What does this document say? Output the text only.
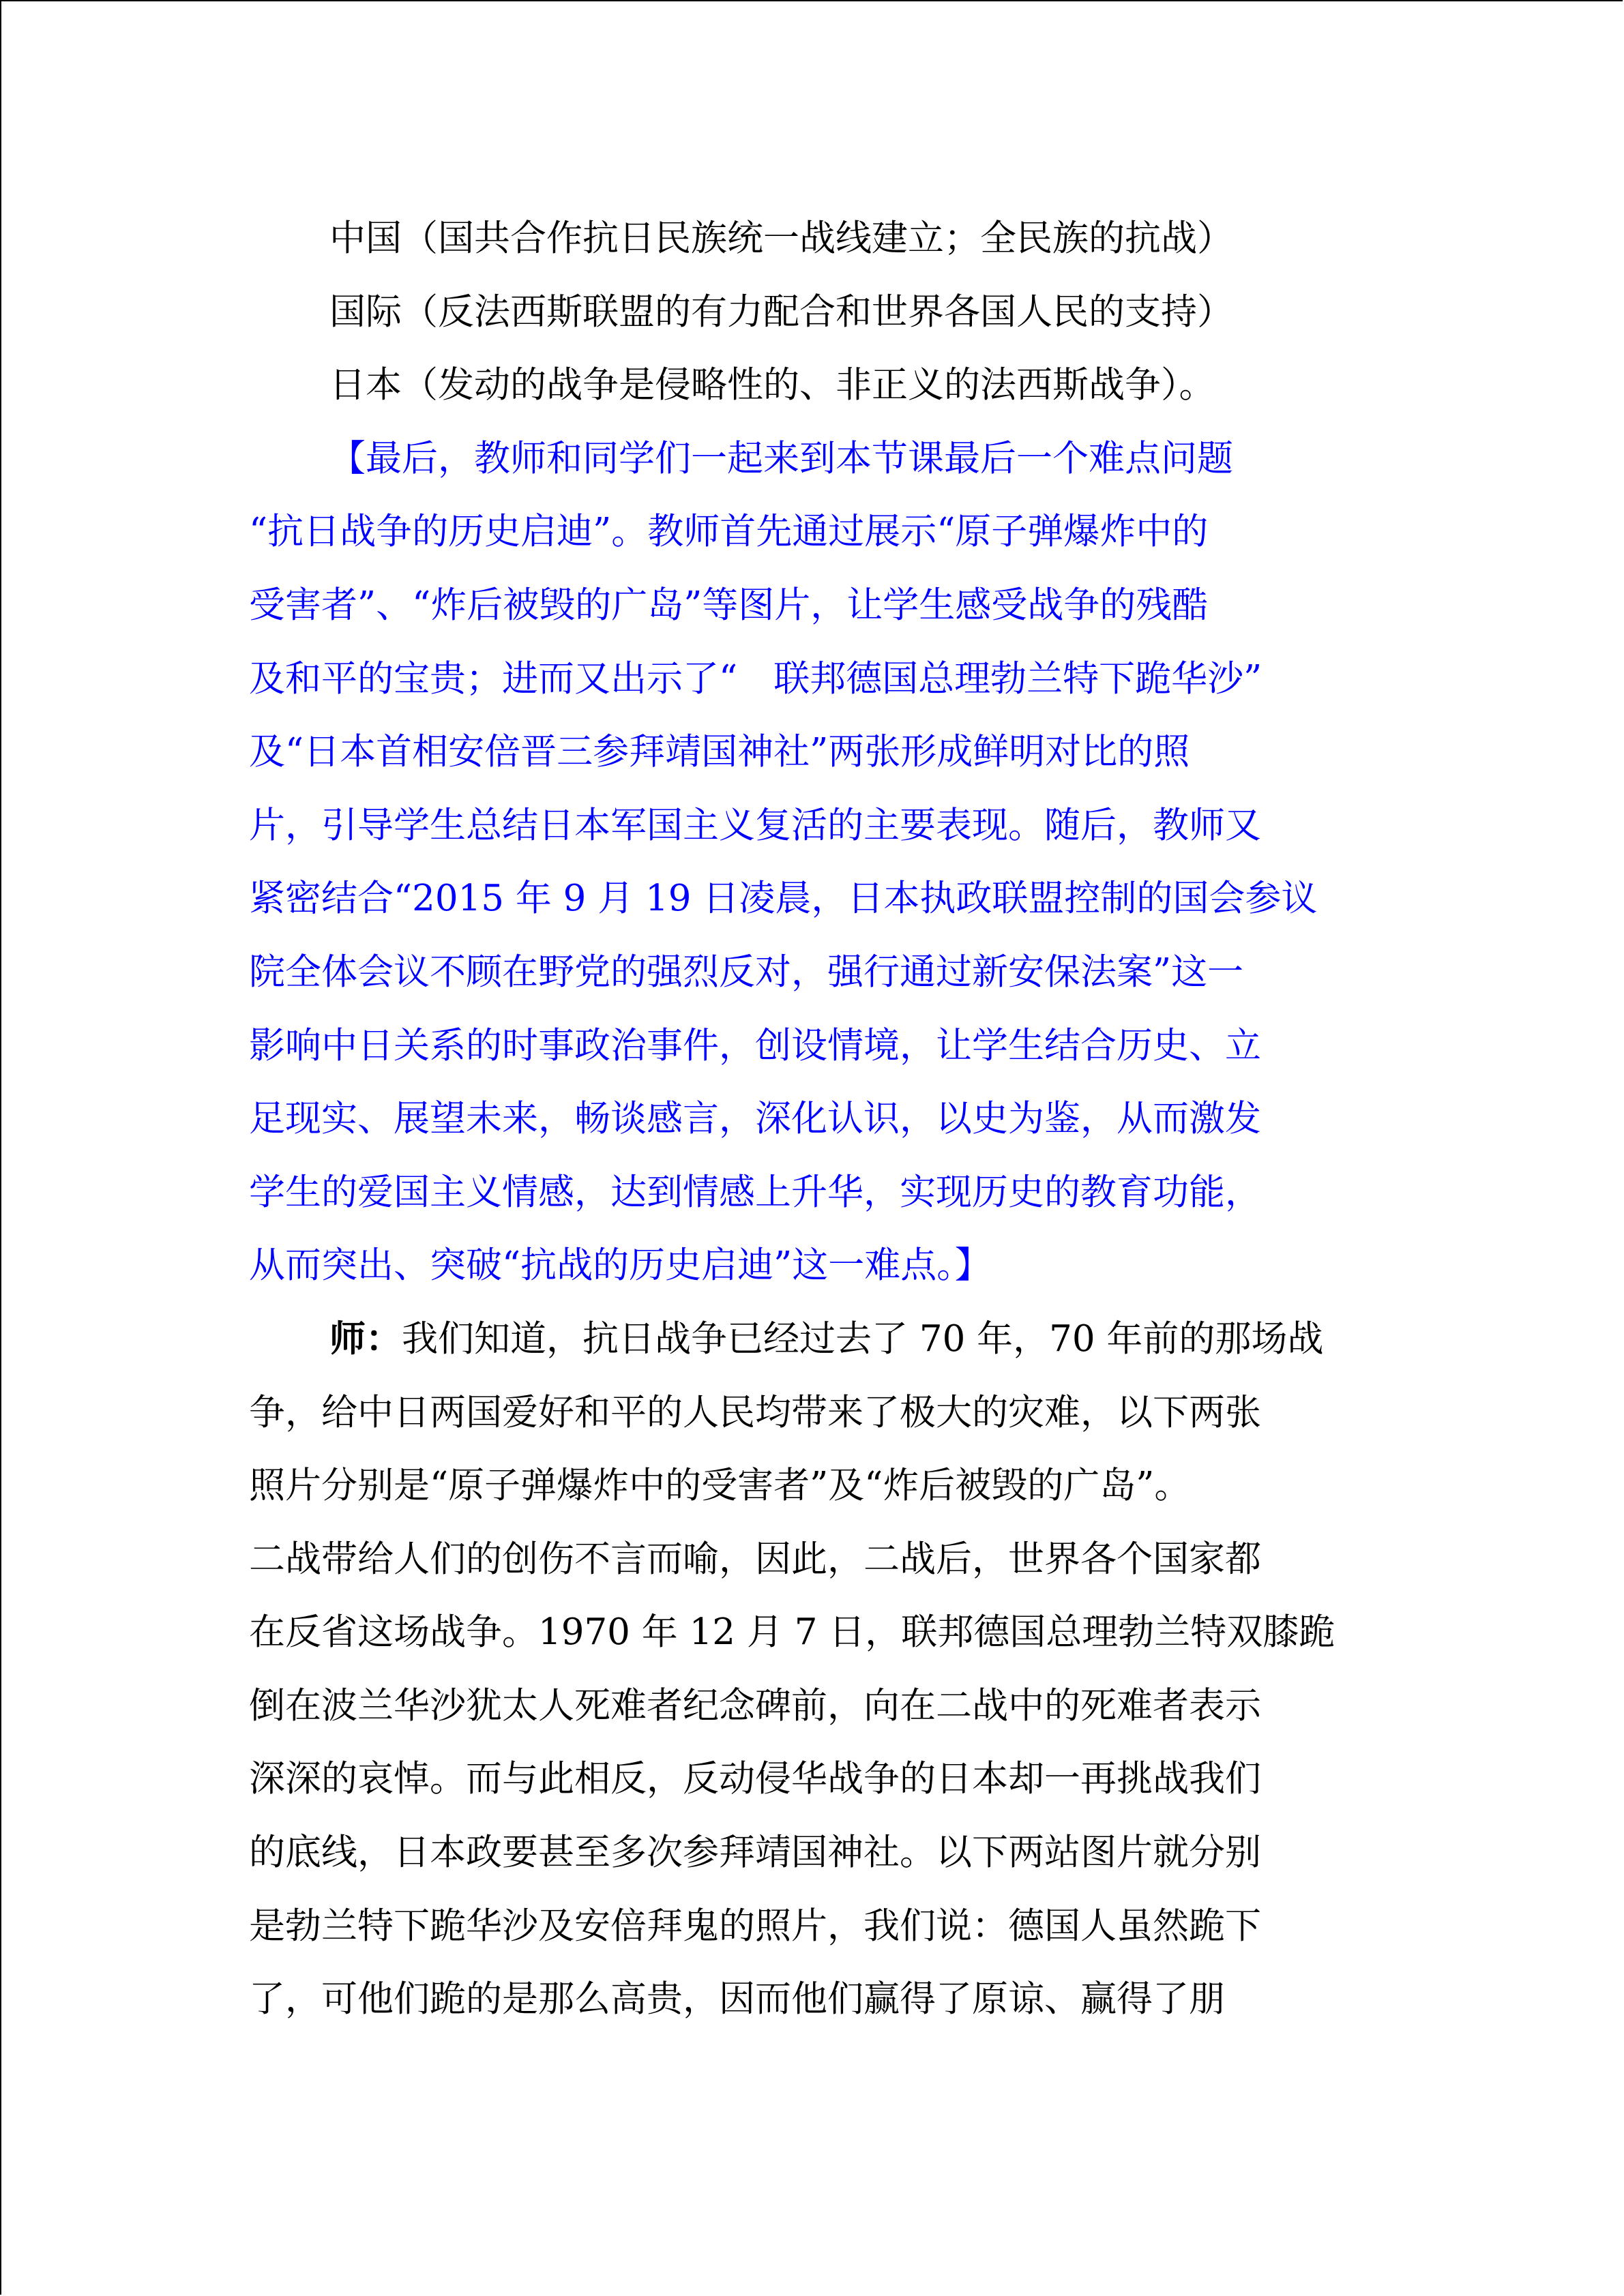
中国（国共合作抗日民族统一战线建立；全民族的抗战）
国际（反法西斯联盟的有力配合和世界各国人民的支持）
日本（发动的战争是侵略性的、非正义的法西斯战争）。
【最后，教师和同学们一起来到本节课最后一个难点问题
“抗日战争的历史启迪”。教师首先通过展示“原子弹爆炸中的
受害者”、“炸后被毁的广岛”等图片，让学生感受战争的残酷
及和平的宝贵；进而又出示了“　联邦德国总理勃兰特下跪华沙”
及“日本首相安倍晋三参拜靖国神社”两张形成鲜明对比的照
片，引导学生总结日本军国主义复活的主要表现。随后，教师又
紧密结合“2015 年 9 月 19 日凌晨，日本执政联盟控制的国会参议
院全体会议不顾在野党的强烈反对，强行通过新安保法案”这一
影响中日关系的时事政治事件，创设情境，让学生结合历史、立
足现实、展望未来，畅谈感言，深化认识，以史为鉴，从而激发
学生的爱国主义情感，达到情感上升华，实现历史的教育功能，
从而突出、突破“抗战的历史启迪”这一难点。】
师：我们知道，抗日战争已经过去了 70 年，70 年前的那场战
争，给中日两国爱好和平的人民均带来了极大的灾难，以下两张
照片分别是“原子弹爆炸中的受害者”及“炸后被毁的广岛”。
二战带给人们的创伤不言而喻，因此，二战后，世界各个国家都
在反省这场战争。1970 年 12 月 7 日，联邦德国总理勃兰特双膝跪
倒在波兰华沙犹太人死难者纪念碑前，向在二战中的死难者表示
深深的哀悼。而与此相反，反动侵华战争的日本却一再挑战我们
的底线，日本政要甚至多次参拜靖国神社。以下两站图片就分别
是勃兰特下跪华沙及安倍拜鬼的照片，我们说：德国人虽然跪下
了，可他们跪的是那么高贵，因而他们赢得了原谅、赢得了朋
